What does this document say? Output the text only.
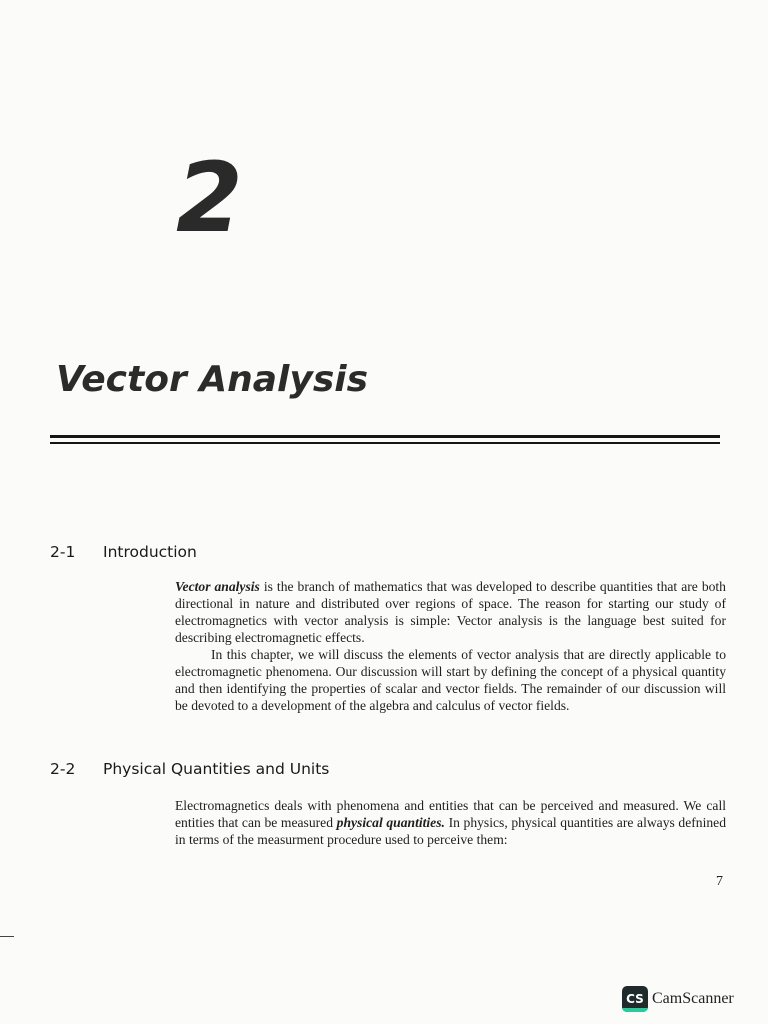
2
Vector Analysis
2-1 Introduction

Vector analysis is the branch of mathematics that was developed to describe quantities that are both directional in nature and distributed over regions of space. The reason for starting our study of electromagnetics with vector analysis is simple: Vector analysis is the language best suited for describing electromagnetic effects.

In this chapter, we will discuss the elements of vector analysis that are directly applicable to electromagnetic phenomena. Our discussion will start by defining the concept of a physical quantity and then identifying the properties of scalar and vector fields. The remainder of our discussion will be devoted to a development of the algebra and calculus of vector fields.

2-2 Physical Quantities and Units

Electromagnetics deals with phenomena and entities that can be perceived and measured. We call entities that can be measured physical quantities. In physics, physical quantities are always defnined in terms of the measurment procedure used to perceive them:

7
CS CamScanner
